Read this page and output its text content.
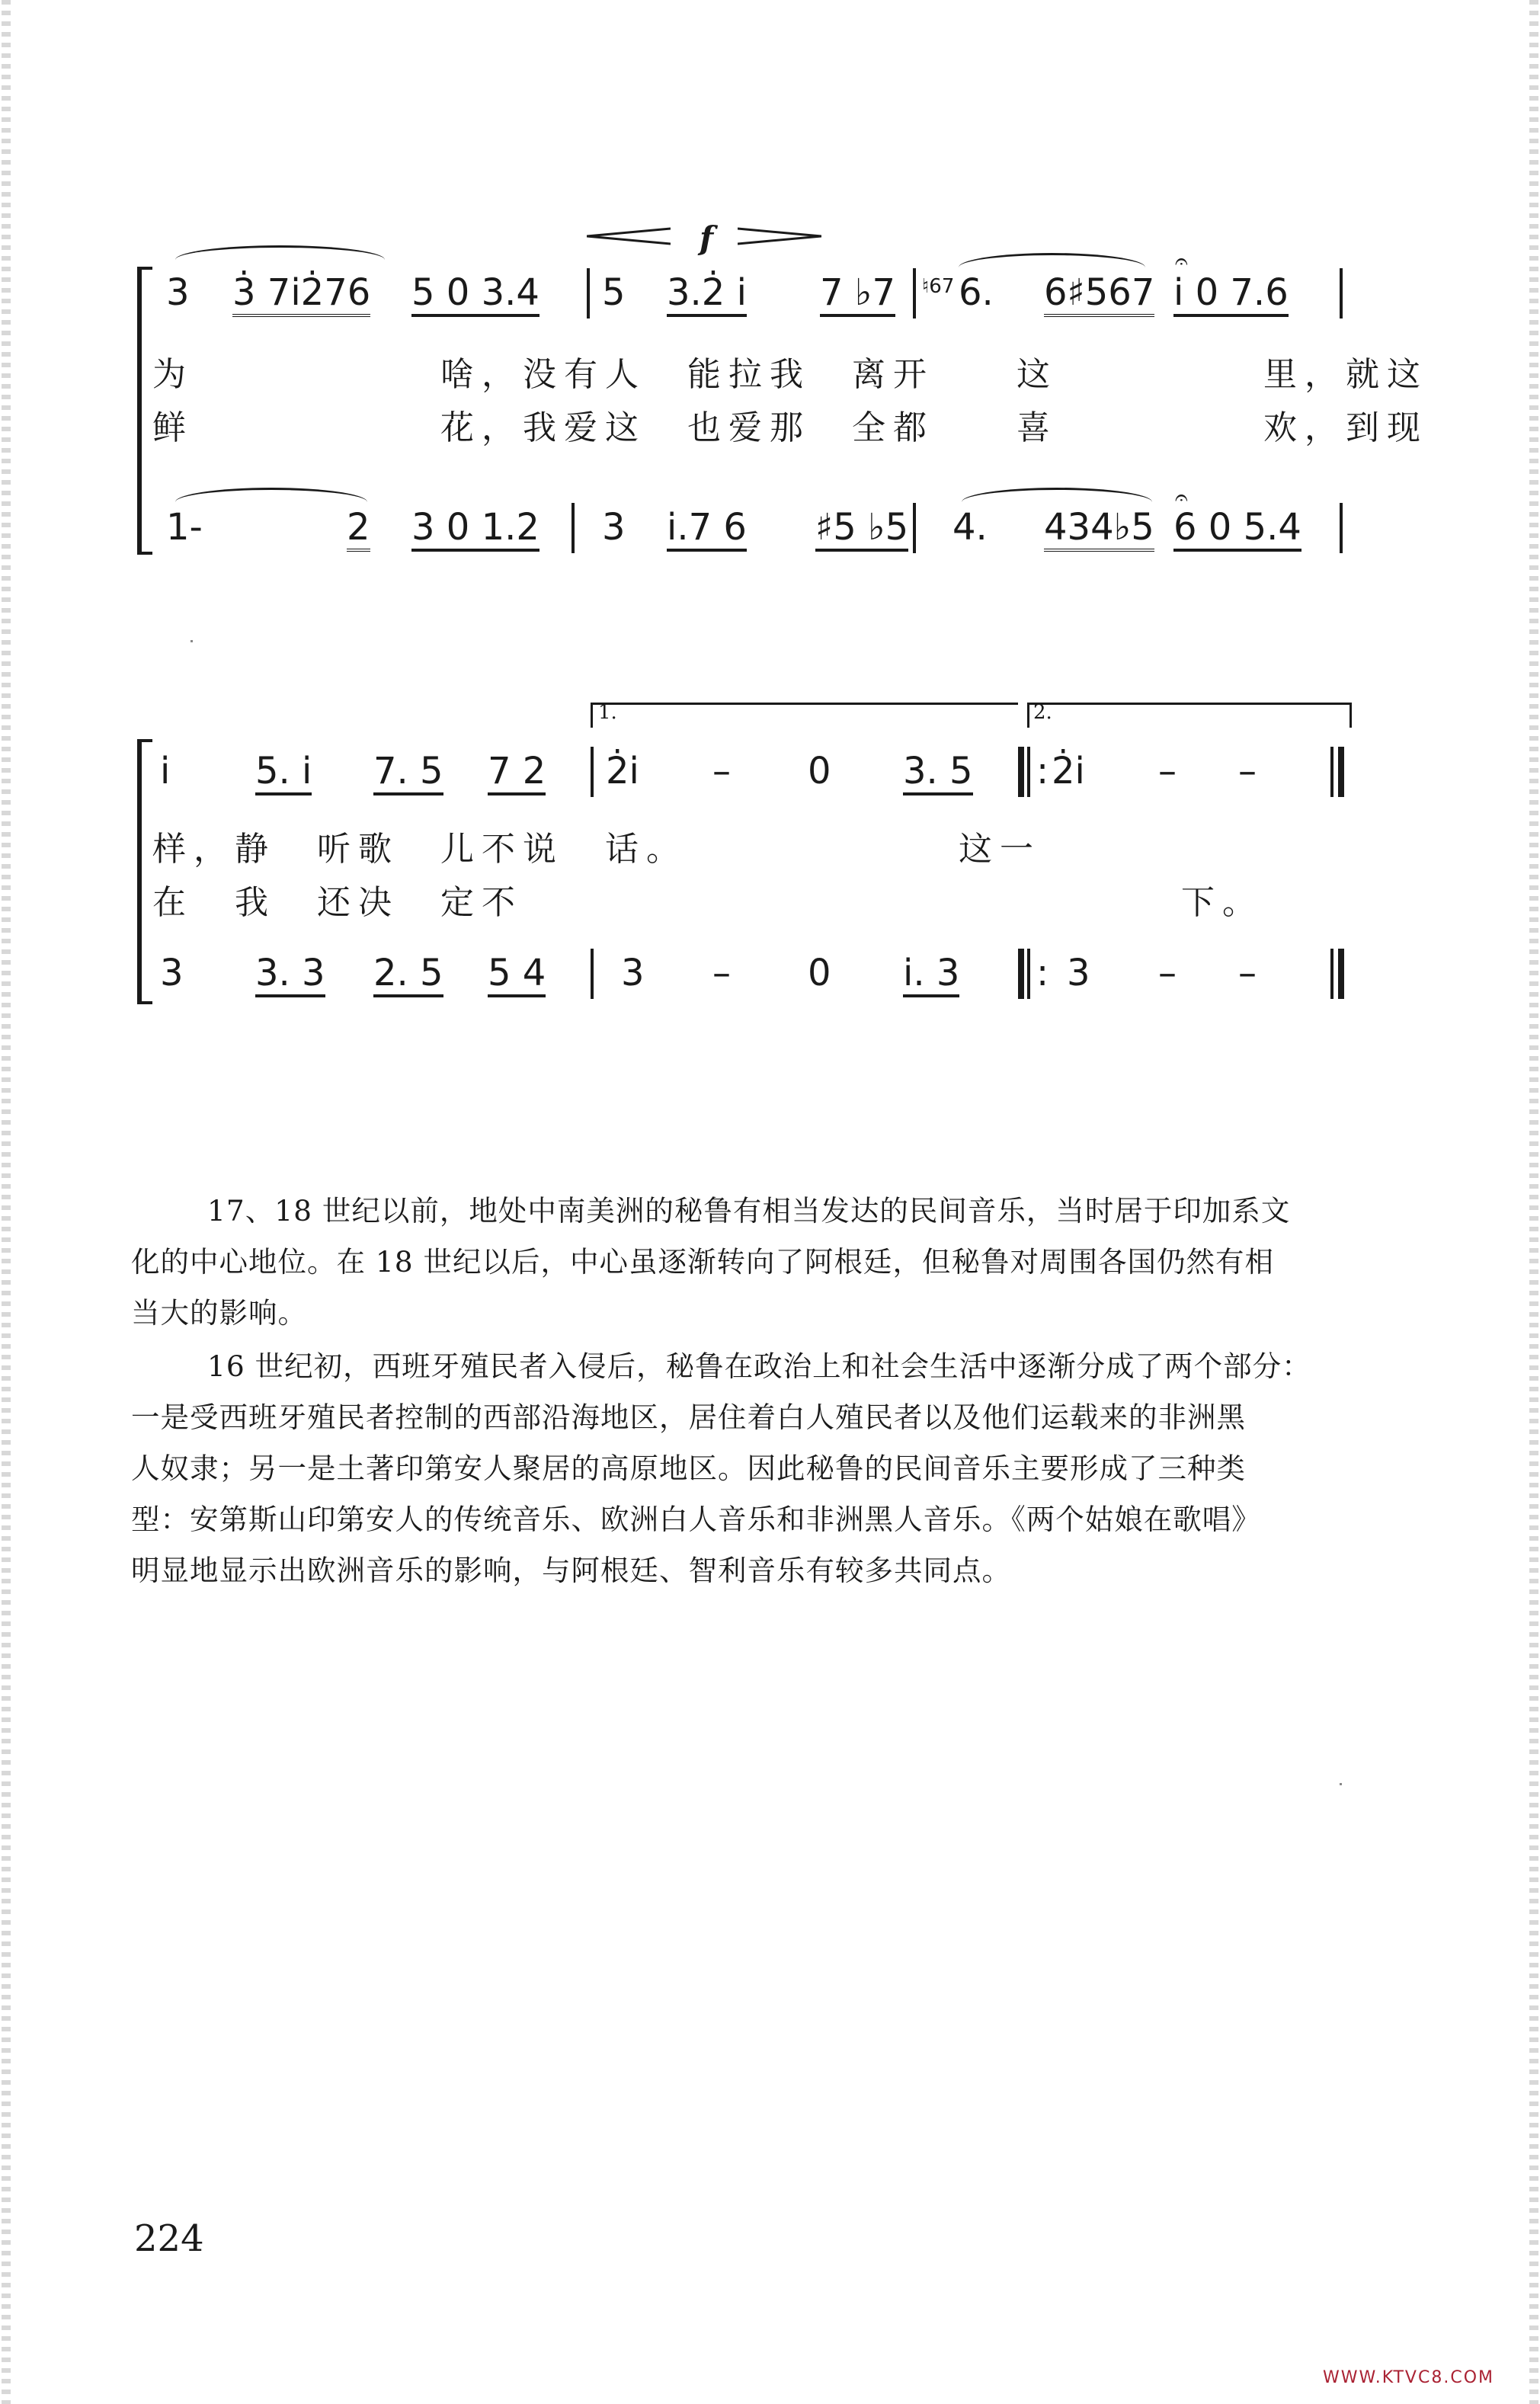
f
𝄐
𝄐
3 3̇ 7i2̇76 5 0 3.4 5 3.2̇ i 7 ♭7 ♮67 6. 6♯567 i 0 7.6
为　　　　　　啥，没有人　能拉我　离开　　这　　　　　里，就这
鲜　　　　　　花，我爱这　也爱那　全都　　喜　　　　　欢，到现
1-	2 3 0 1.2 3 i.7 6 ♯5 ♭5 4. 434♭5 6 0 5.4
1.	2.
i 5. i 7. 5 7 2 2̇i – 0 3. 5 : 2̇i – –
样，静　听歌　儿不说　话。　　　　　　　这一
在　我　还决　定不　　　　　　　　　　　　　　　　下。
3 3. 3 2. 5 5 4 3 – 0 i. 3 : 3 – –
17、18 世纪以前，地处中南美洲的秘鲁有相当发达的民间音乐，当时居于印加系文
化的中心地位。在 18 世纪以后，中心虽逐渐转向了阿根廷，但秘鲁对周围各国仍然有相
当大的影响。
16 世纪初，西班牙殖民者入侵后，秘鲁在政治上和社会生活中逐渐分成了两个部分：
一是受西班牙殖民者控制的西部沿海地区，居住着白人殖民者以及他们运载来的非洲黑
人奴隶；另一是土著印第安人聚居的高原地区。因此秘鲁的民间音乐主要形成了三种类
型：安第斯山印第安人的传统音乐、欧洲白人音乐和非洲黑人音乐。《两个姑娘在歌唱》
明显地显示出欧洲音乐的影响，与阿根廷、智利音乐有较多共同点。
224
WWW.KTVC8.COM
